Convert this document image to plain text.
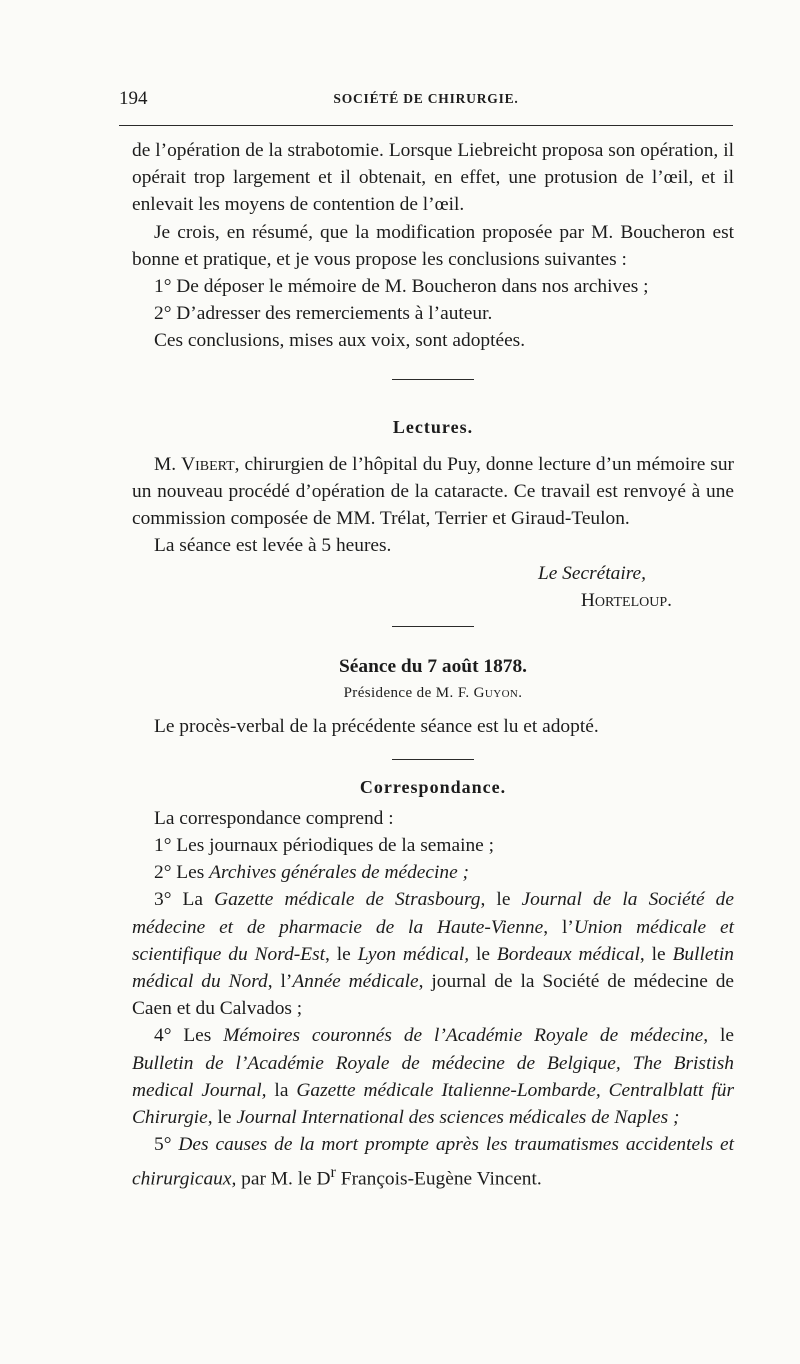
194	SOCIÉTÉ DE CHIRURGIE.

de l’opération de la strabotomie. Lorsque Liebreicht proposa son opération, il opérait trop largement et il obtenait, en effet, une protusion de l’œil, et il enlevait les moyens de contention de l’œil.

Je crois, en résumé, que la modification proposée par M. Boucheron est bonne et pratique, et je vous propose les conclusions suivantes :

1° De déposer le mémoire de M. Boucheron dans nos archives ;

2° D’adresser des remerciements à l’auteur.

Ces conclusions, mises aux voix, sont adoptées.

Lectures.

M. Vibert, chirurgien de l’hôpital du Puy, donne lecture d’un mémoire sur un nouveau procédé d’opération de la cataracte. Ce travail est renvoyé à une commission composée de MM. Trélat, Terrier et Giraud-Teulon.

La séance est levée à 5 heures.

Le Secrétaire,

Horteloup.

Séance du 7 août 1878.

Présidence de M. F. Guyon.

Le procès-verbal de la précédente séance est lu et adopté.

Correspondance.

La correspondance comprend :

1° Les journaux périodiques de la semaine ;

2° Les Archives générales de médecine ;

3° La Gazette médicale de Strasbourg, le Journal de la Société de médecine et de pharmacie de la Haute-Vienne, l’Union médicale et scientifique du Nord-Est, le Lyon médical, le Bordeaux médical, le Bulletin médical du Nord, l’Année médicale, journal de la Société de médecine de Caen et du Calvados ;

4° Les Mémoires couronnés de l’Académie Royale de médecine, le Bulletin de l’Académie Royale de médecine de Belgique, The Bristish medical Journal, la Gazette médicale Italienne-Lombarde, Centralblatt für Chirurgie, le Journal International des sciences médicales de Naples ;

5° Des causes de la mort prompte après les traumatismes accidentels et chirurgicaux, par M. le $D^r$ François-Eugène Vincent.
